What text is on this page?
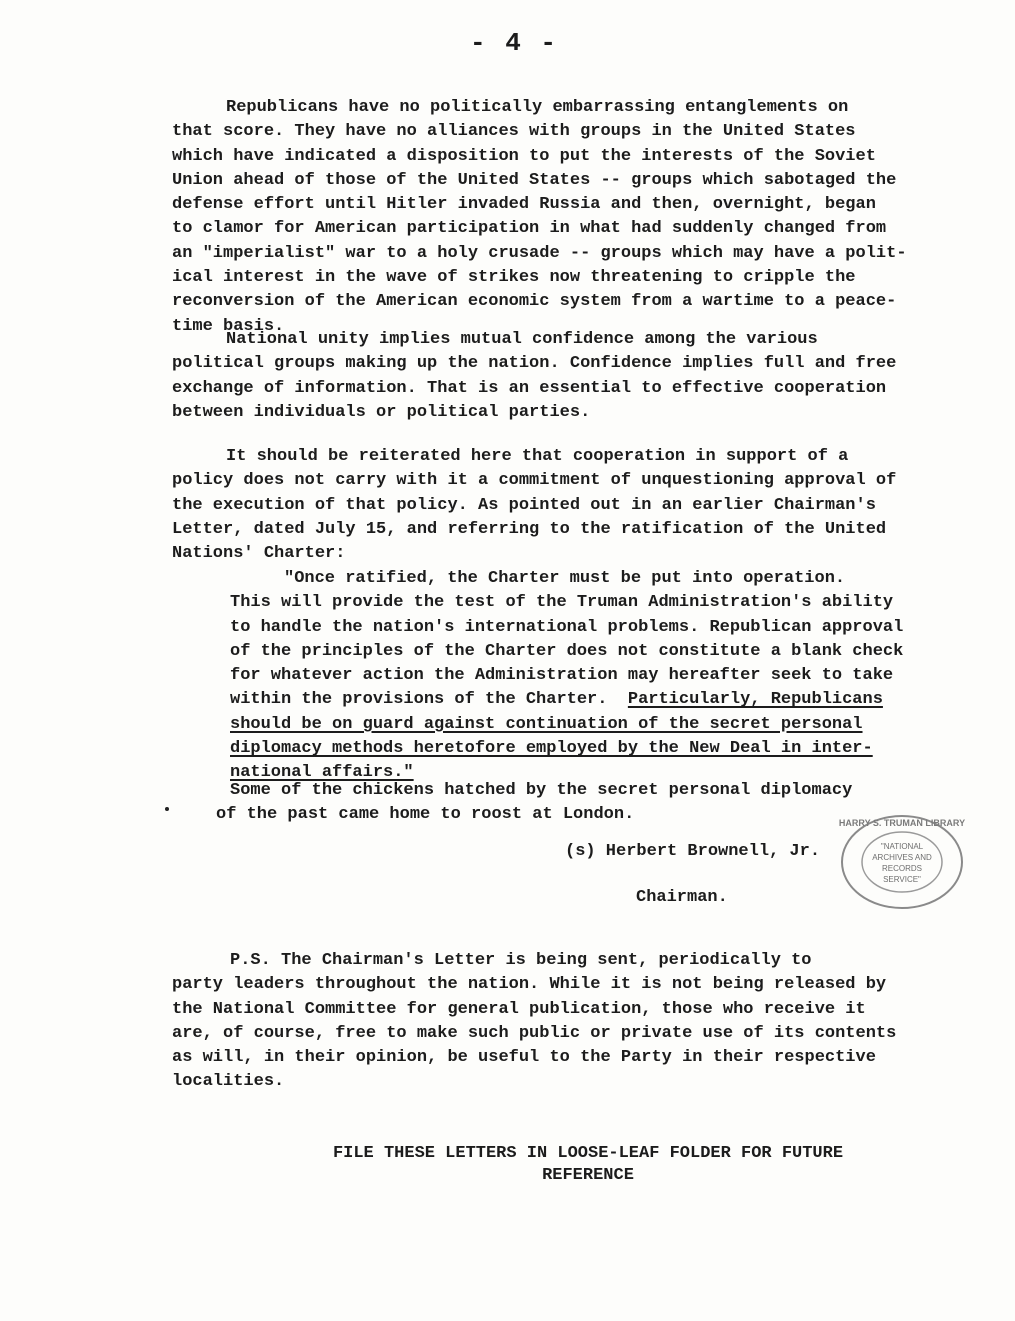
- 4 -
Republicans have no politically embarrassing entanglements on
that score. They have no alliances with groups in the United States
which have indicated a disposition to put the interests of the Soviet
Union ahead of those of the United States -- groups which sabotaged the
defense effort until Hitler invaded Russia and then, overnight, began
to clamor for American participation in what had suddenly changed from
an "imperialist" war to a holy crusade -- groups which may have a polit-
ical interest in the wave of strikes now threatening to cripple the
reconversion of the American economic system from a wartime to a peace-
time basis.
National unity implies mutual confidence among the various
political groups making up the nation. Confidence implies full and free
exchange of information. That is an essential to effective cooperation
between individuals or political parties.
It should be reiterated here that cooperation in support of a
policy does not carry with it a commitment of unquestioning approval of
the execution of that policy. As pointed out in an earlier Chairman's
Letter, dated July 15, and referring to the ratification of the United
Nations' Charter:
"Once ratified, the Charter must be put into operation.
This will provide the test of the Truman Administration's ability
to handle the nation's international problems. Republican approval
of the principles of the Charter does not constitute a blank check
for whatever action the Administration may hereafter seek to take
within the provisions of the Charter.  Particularly, Republicans
should be on guard against continuation of the secret personal
diplomacy methods heretofore employed by the New Deal in inter-
national affairs."
Some of the chickens hatched by the secret personal diplomacy
of the past came home to roost at London.
(s) Herbert Brownell, Jr.
Chairman.
"NATIONAL
ARCHIVES AND
RECORDS
SERVICE"
HARRY S. TRUMAN LIBRARY
P.S. The Chairman's Letter is being sent, periodically to
party leaders throughout the nation. While it is not being released by
the National Committee for general publication, those who receive it
are, of course, free to make such public or private use of its contents
as will, in their opinion, be useful to the Party in their respective
localities.
FILE THESE LETTERS IN LOOSE-LEAF FOLDER FOR FUTURE
REFERENCE
